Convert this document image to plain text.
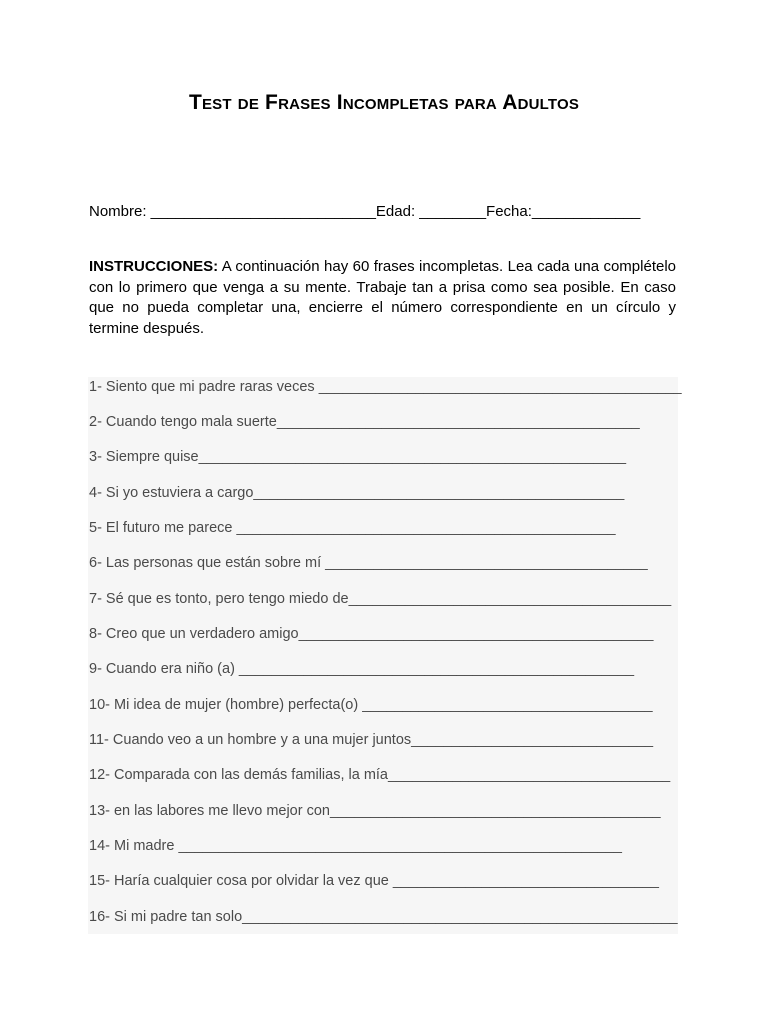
Test de Frases Incompletas para Adultos
Nombre: ___________________________Edad: ________Fecha:_____________
INSTRUCCIONES: A continuación hay 60 frases incompletas. Lea cada una complételo con lo primero que venga a su mente. Trabaje tan a prisa como sea posible. En caso que no pueda completar una, encierre el número correspondiente en un círculo y termine después.
1- Siento que mi padre raras veces _____________________________________________
2- Cuando tengo mala suerte_____________________________________________
3- Siempre quise_____________________________________________________
4- Si yo estuviera a cargo______________________________________________
5- El futuro me parece _______________________________________________
6- Las personas que están sobre mí ________________________________________
7- Sé que es tonto, pero tengo miedo de________________________________________
8- Creo que un verdadero amigo____________________________________________
9- Cuando era niño (a) _________________________________________________
10- Mi idea de mujer (hombre) perfecta(o) ____________________________________
11- Cuando veo a un hombre y a una mujer juntos______________________________
12- Comparada con las demás familias, la mía___________________________________
13- en las labores me llevo mejor con_________________________________________
14- Mi madre _______________________________________________________
15- Haría cualquier cosa por olvidar la vez que _________________________________
16- Si mi padre tan solo______________________________________________________
